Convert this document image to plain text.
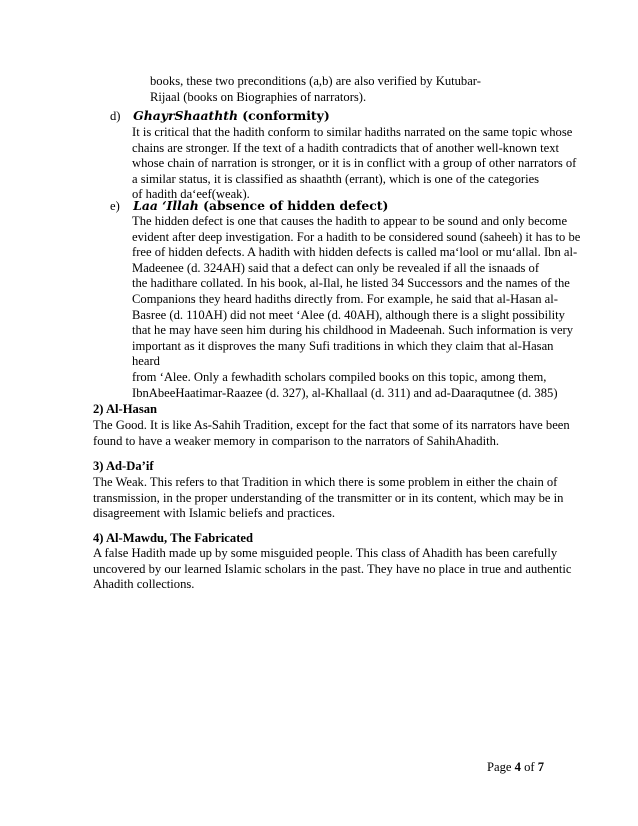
books, these two preconditions (a,b) are also verified by Kutubar-
Rijaal (books on Biographies of narrators).
d) GhayrShaathth (conformity)
It is critical that the hadith conform to similar hadiths narrated on the same topic whose
chains are stronger. If the text of a hadith contradicts that of another well-known text
whose chain of narration is stronger, or it is in conflict with a group of other narrators of
a similar status, it is classified as shaathth (errant), which is one of the categories
of hadith da‘eef(weak).
e) Laa ‘Illah (absence of hidden defect)
The hidden defect is one that causes the hadith to appear to be sound and only become
evident after deep investigation. For a hadith to be considered sound (saheeh) it has to be
free of hidden defects. A hadith with hidden defects is called ma‘lool or mu‘allal. Ibn al-
Madeenee (d. 324AH) said that a defect can only be revealed if all the isnaads of
the hadithare collated. In his book, al-Ilal, he listed 34 Successors and the names of the
Companions they heard hadiths directly from. For example, he said that al-Hasan al-
Basree (d. 110AH) did not meet ‘Alee (d. 40AH), although there is a slight possibility
that he may have seen him during his childhood in Madeenah. Such information is very
important as it disproves the many Sufi traditions in which they claim that al-Hasan heard
from ‘Alee. Only a fewhadith scholars compiled books on this topic, among them,
IbnAbeeHaatimar-Raazee (d. 327), al-Khallaal (d. 311) and ad-Daaraqutnee (d. 385)
2) Al-Hasan
The Good. It is like As-Sahih Tradition, except for the fact that some of its narrators have been
found to have a weaker memory in comparison to the narrators of SahihAhadith.
3) Ad-Da’if
The Weak. This refers to that Tradition in which there is some problem in either the chain of
transmission, in the proper understanding of the transmitter or in its content, which may be in
disagreement with Islamic beliefs and practices.
4) Al-Mawdu, The Fabricated
A false Hadith made up by some misguided people. This class of Ahadith has been carefully
uncovered by our learned Islamic scholars in the past. They have no place in true and authentic
Ahadith collections.
Page 4 of 7
